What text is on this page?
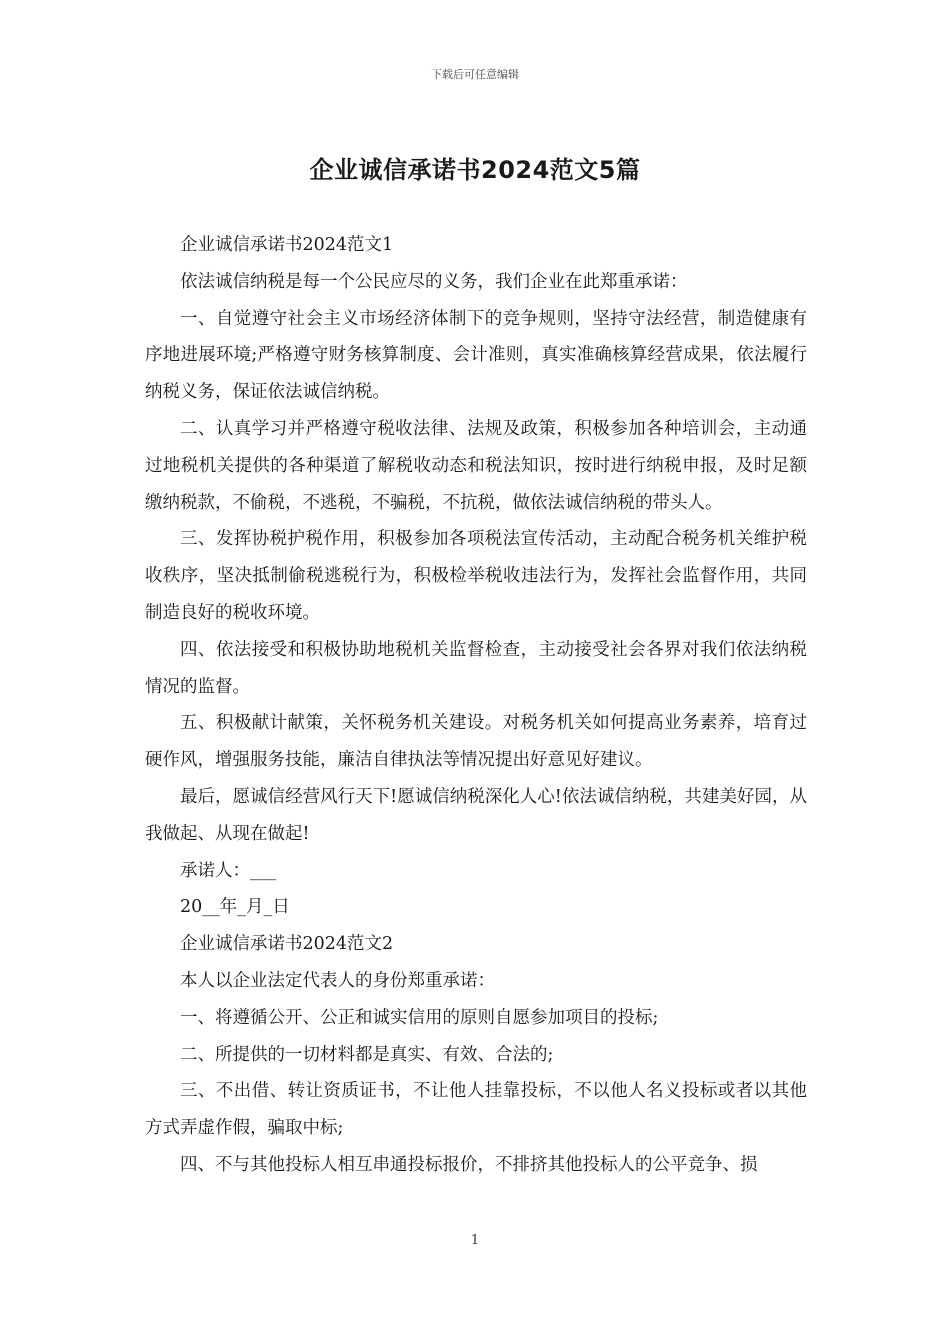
下载后可任意编辑
企业诚信承诺书2024范文5篇

企业诚信承诺书2024范文1

依法诚信纳税是每一个公民应尽的义务，我们企业在此郑重承诺：

一、自觉遵守社会主义市场经济体制下的竞争规则，坚持守法经营，制造健康有序地进展环境;严格遵守财务核算制度、会计准则，真实准确核算经营成果，依法履行纳税义务，保证依法诚信纳税。

二、认真学习并严格遵守税收法律、法规及政策，积极参加各种培训会，主动通过地税机关提供的各种渠道了解税收动态和税法知识，按时进行纳税申报，及时足额缴纳税款，不偷税，不逃税，不骗税，不抗税，做依法诚信纳税的带头人。

三、发挥协税护税作用，积极参加各项税法宣传活动，主动配合税务机关维护税收秩序，坚决抵制偷税逃税行为，积极检举税收违法行为，发挥社会监督作用，共同制造良好的税收环境。

四、依法接受和积极协助地税机关监督检查，主动接受社会各界对我们依法纳税情况的监督。

五、积极献计献策，关怀税务机关建设。对税务机关如何提高业务素养，培育过硬作风，增强服务技能，廉洁自律执法等情况提出好意见好建议。

最后，愿诚信经营风行天下!愿诚信纳税深化人心!依法诚信纳税，共建美好园，从我做起、从现在做起!

承诺人：___

20__年_月_日

企业诚信承诺书2024范文2

本人以企业法定代表人的身份郑重承诺：

一、将遵循公开、公正和诚实信用的原则自愿参加项目的投标;

二、所提供的一切材料都是真实、有效、合法的;

三、不出借、转让资质证书，不让他人挂靠投标，不以他人名义投标或者以其他方式弄虚作假，骗取中标;

四、不与其他投标人相互串通投标报价，不排挤其他投标人的公平竞争、损

1
